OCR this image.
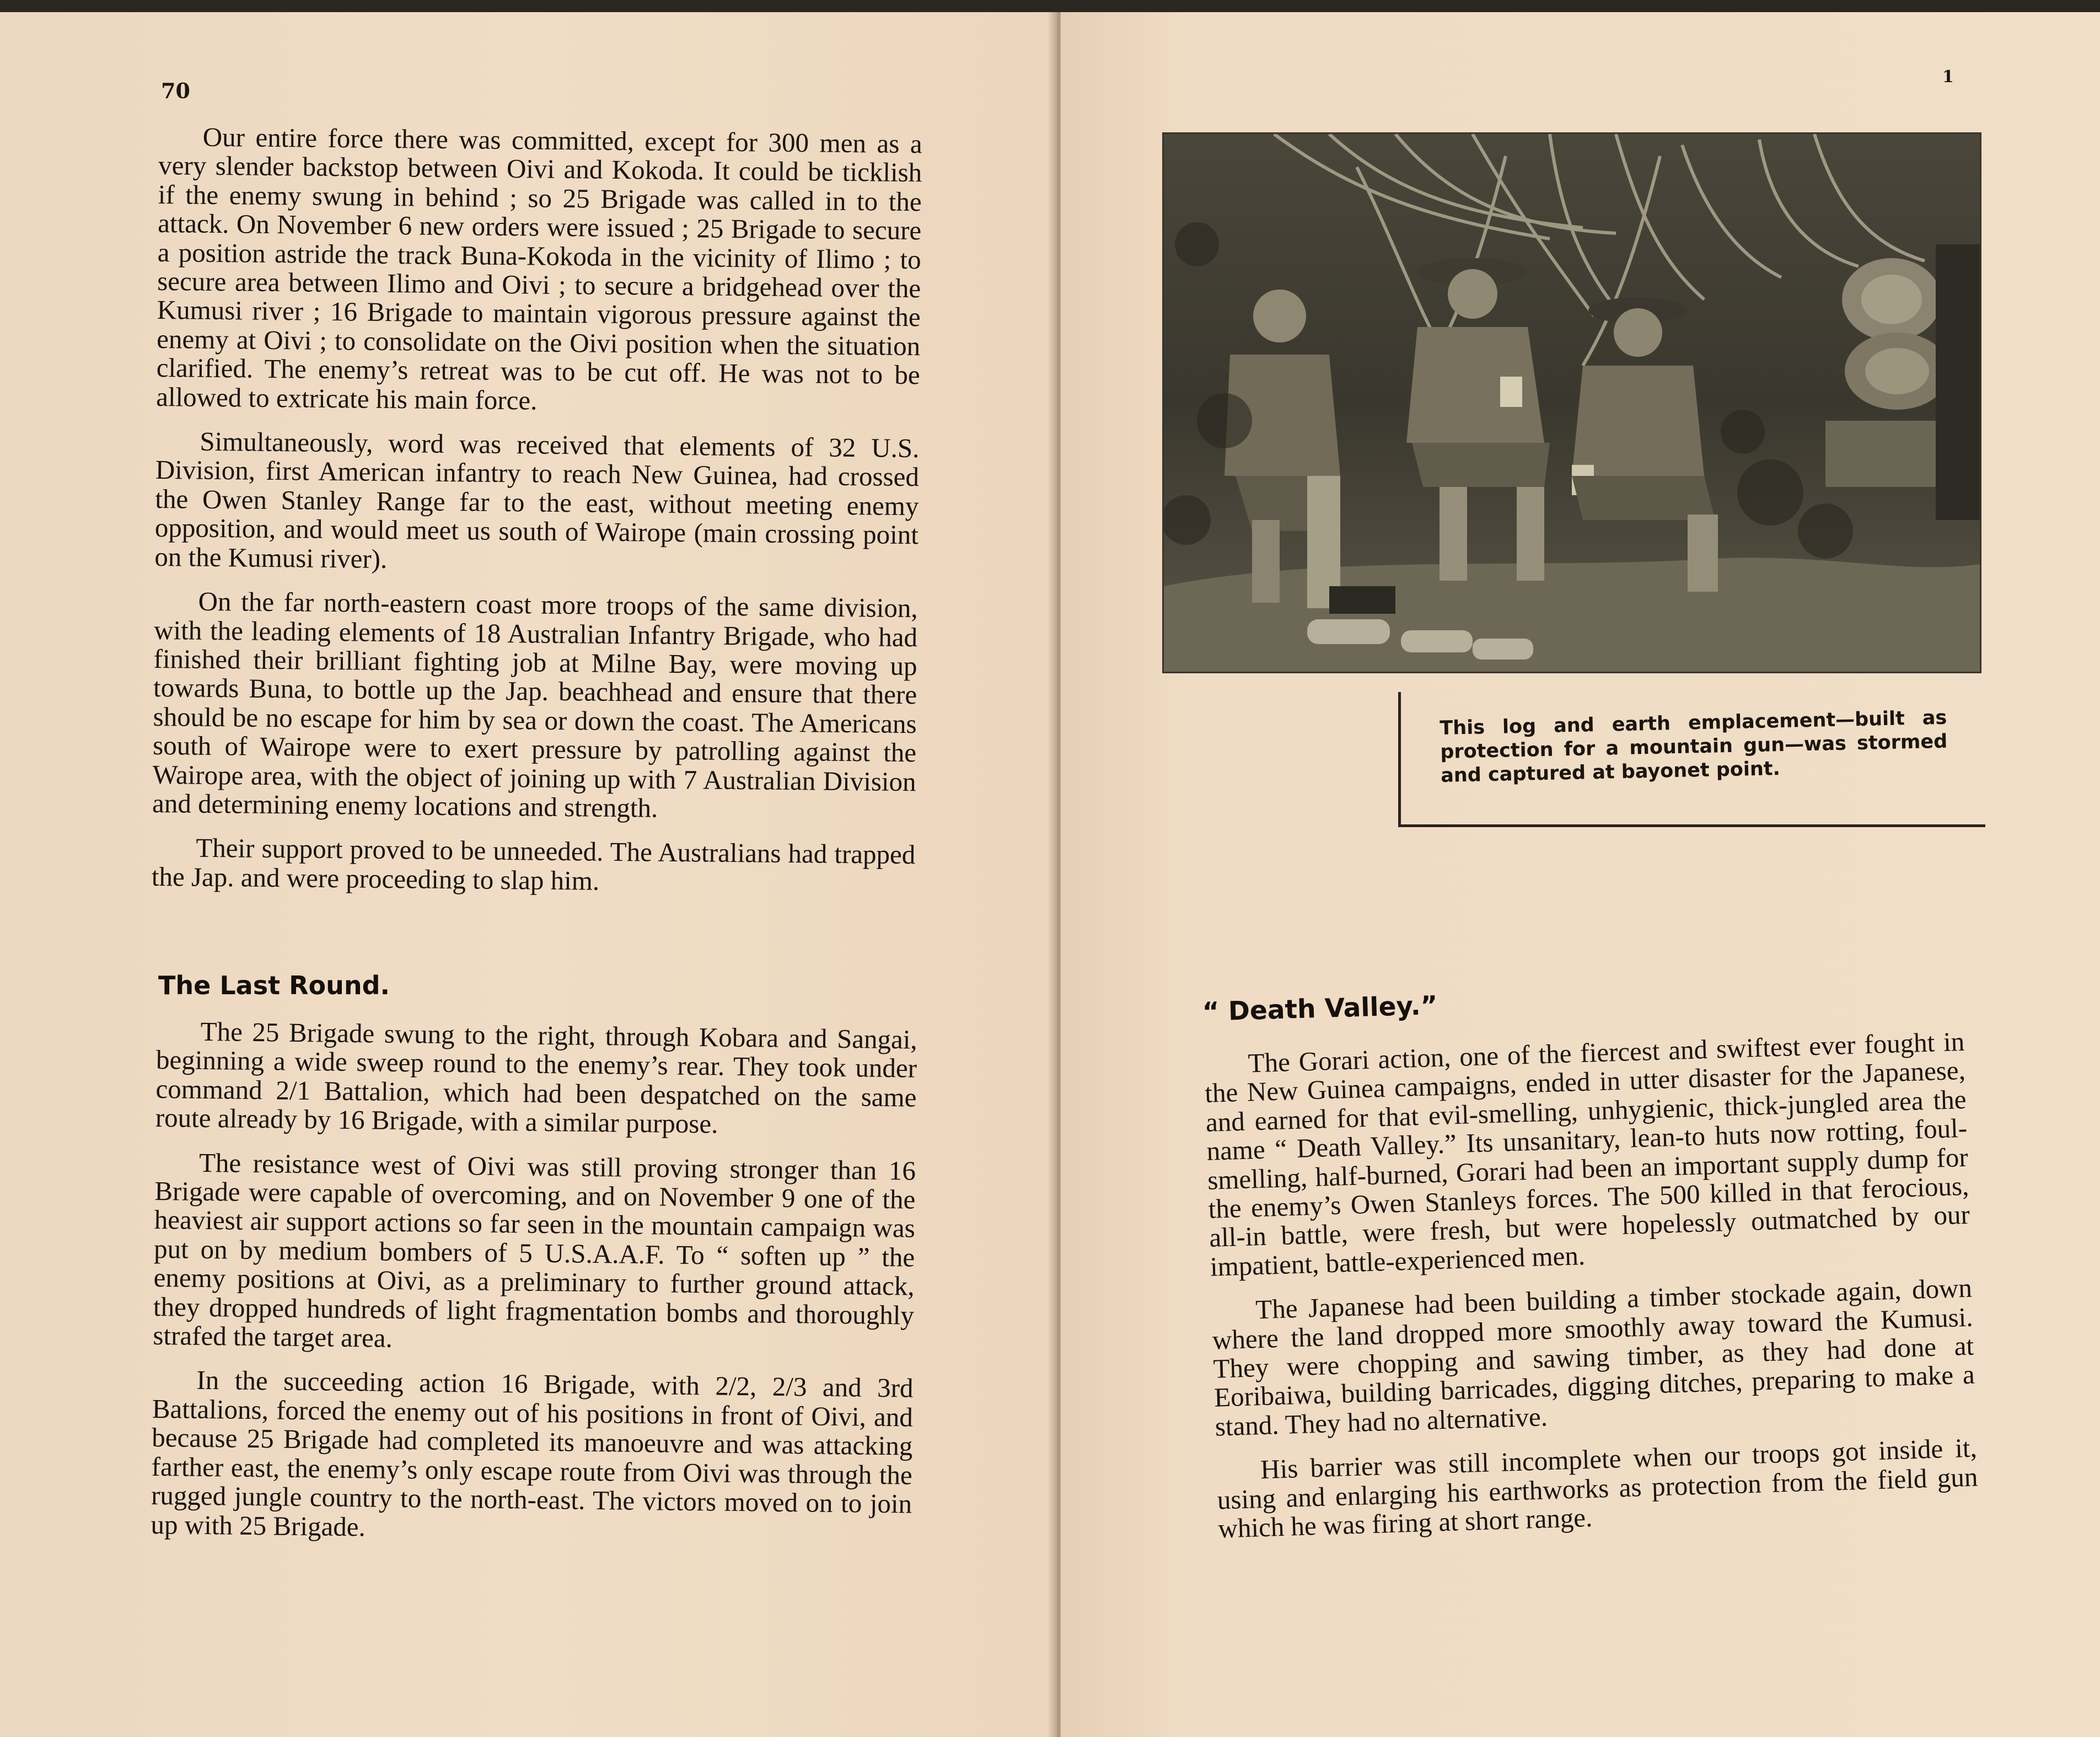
70

Our entire force there was committed, except for 300 men as a very slender backstop between Oivi and Kokoda. It could be ticklish if the enemy swung in behind ; so 25 Brigade was called in to the attack. On November 6 new orders were issued ; 25 Brigade to secure a position astride the track Buna-Kokoda in the vicinity of Ilimo ; to secure area between Ilimo and Oivi ; to secure a bridgehead over the Kumusi river ; 16 Brigade to maintain vigorous pressure against the enemy at Oivi ; to consolidate on the Oivi position when the situation clarified. The enemy’s retreat was to be cut off. He was not to be allowed to extricate his main force.

Simultaneously, word was received that elements of 32 U.S. Division, first American infantry to reach New Guinea, had crossed the Owen Stanley Range far to the east, without meeting enemy opposition, and would meet us south of Wairope (main crossing point on the Kumusi river).

On the far north-eastern coast more troops of the same division, with the leading elements of 18 Australian Infantry Brigade, who had finished their brilliant fighting job at Milne Bay, were moving up towards Buna, to bottle up the Jap. beachhead and ensure that there should be no escape for him by sea or down the coast. The Americans south of Wairope were to exert pressure by patrolling against the Wairope area, with the object of joining up with 7 Australian Division and determining enemy locations and strength.

Their support proved to be unneeded. The Australians had trapped the Jap. and were proceeding to slap him.

The Last Round.

The 25 Brigade swung to the right, through Kobara and Sangai, beginning a wide sweep round to the enemy’s rear. They took under command 2/1 Battalion, which had been despatched on the same route already by 16 Brigade, with a similar purpose.

The resistance west of Oivi was still proving stronger than 16 Brigade were capable of overcoming, and on November 9 one of the heaviest air support actions so far seen in the mountain campaign was put on by medium bombers of 5 U.S.A.A.F. To “ soften up ” the enemy positions at Oivi, as a preliminary to further ground attack, they dropped hundreds of light fragmentation bombs and thoroughly strafed the target area.

In the succeeding action 16 Brigade, with 2/2, 2/3 and 3rd Battalions, forced the enemy out of his positions in front of Oivi, and because 25 Brigade had completed its manoeuvre and was attacking farther east, the enemy’s only escape route from Oivi was through the rugged jungle country to the north-east. The victors moved on to join up with 25 Brigade.

1
This log and earth emplacement—built as protection for a mountain gun—was stormed and captured at bayonet point.
“ Death Valley.”

The Gorari action, one of the fiercest and swiftest ever fought in the New Guinea campaigns, ended in utter disaster for the Japanese, and earned for that evil-smelling, unhygienic, thick-jungled area the name “ Death Valley.” Its unsanitary, lean-to huts now rotting, foul-smelling, half-burned, Gorari had been an important supply dump for the enemy’s Owen Stanleys forces. The 500 killed in that ferocious, all-in battle, were fresh, but were hopelessly outmatched by our impatient, battle-experienced men.

The Japanese had been building a timber stockade again, down where the land dropped more smoothly away toward the Kumusi. They were chopping and sawing timber, as they had done at Eoribaiwa, building barricades, digging ditches, preparing to make a stand. They had no alternative.

His barrier was still incomplete when our troops got inside it, using and enlarging his earthworks as protection from the field gun which he was firing at short range.
